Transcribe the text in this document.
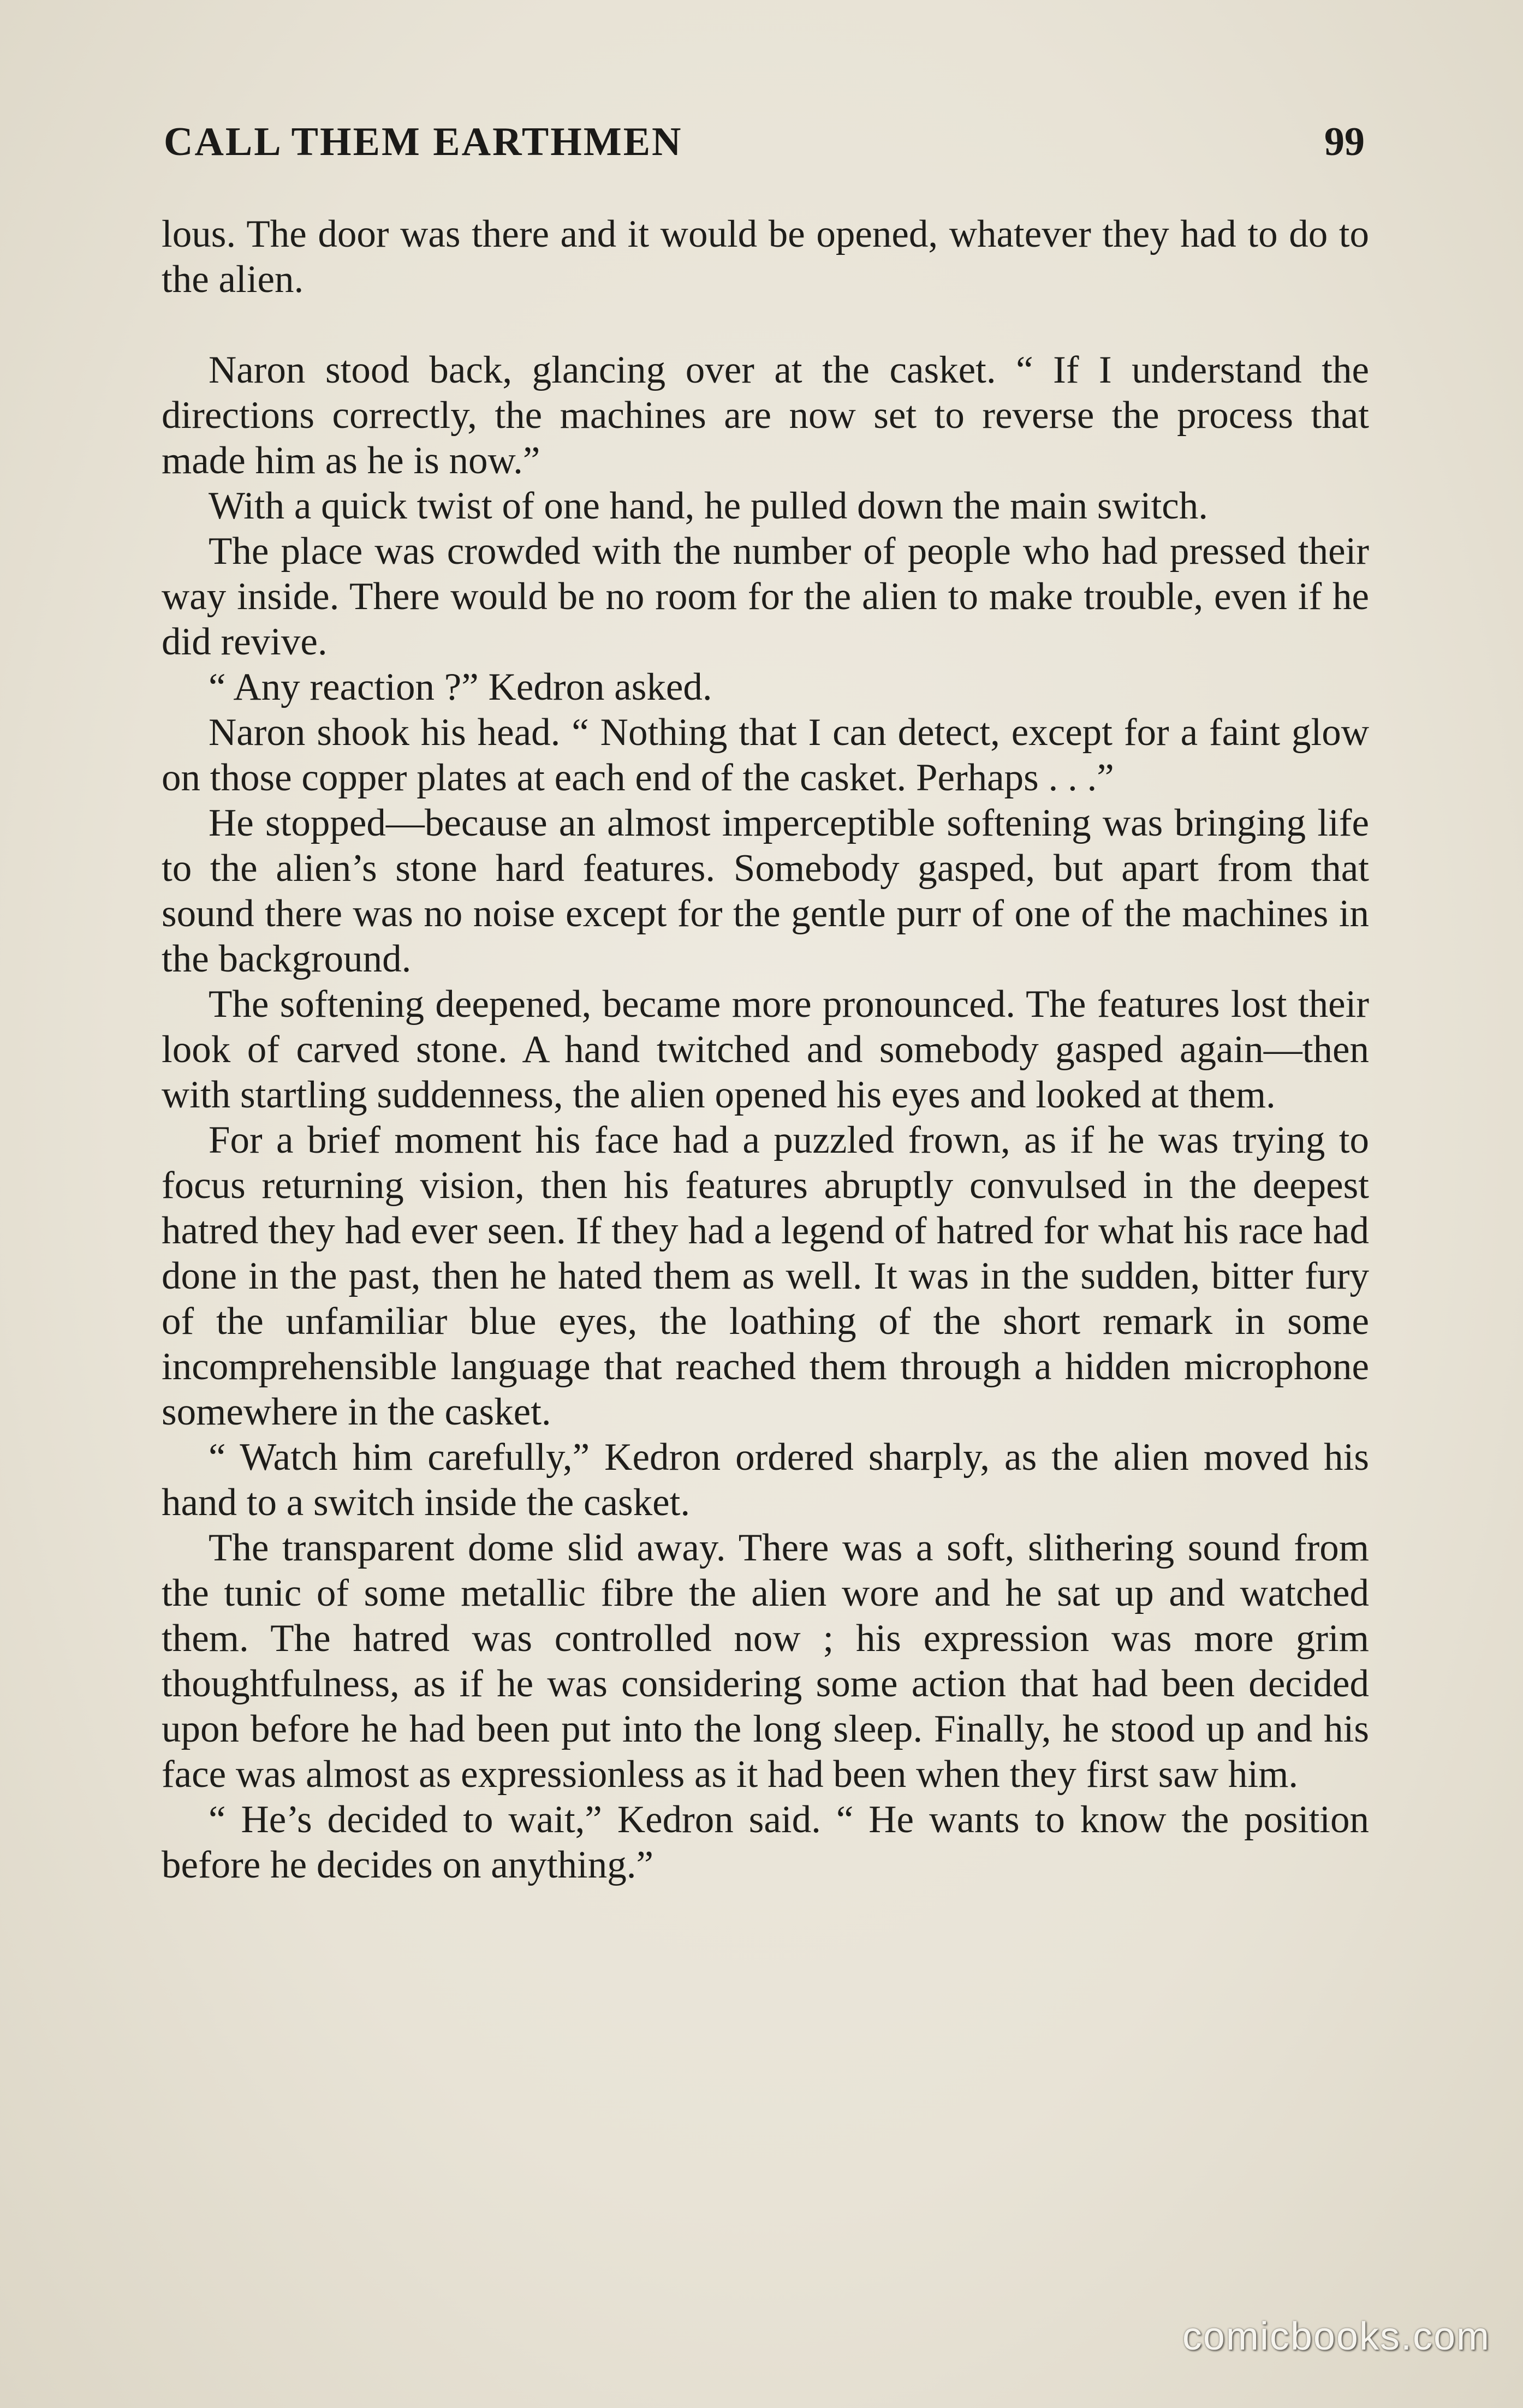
CALL THEM EARTHMEN	99

lous. The door was there and it would be opened, whatever they had to do to the alien.

Naron stood back, glancing over at the casket. “ If I understand the directions correctly, the machines are now set to reverse the process that made him as he is now.”

With a quick twist of one hand, he pulled down the main switch.

The place was crowded with the number of people who had pressed their way inside. There would be no room for the alien to make trouble, even if he did revive.

“ Any reaction ?” Kedron asked.

Naron shook his head. “ Nothing that I can detect, except for a faint glow on those copper plates at each end of the casket. Perhaps . . .”

He stopped—because an almost imperceptible softening was bringing life to the alien’s stone hard features. Somebody gasped, but apart from that sound there was no noise except for the gentle purr of one of the machines in the background.

The softening deepened, became more pronounced. The features lost their look of carved stone. A hand twitched and somebody gasped again—then with startling suddenness, the alien opened his eyes and looked at them.

For a brief moment his face had a puzzled frown, as if he was trying to focus returning vision, then his features abruptly convulsed in the deepest hatred they had ever seen. If they had a legend of hatred for what his race had done in the past, then he hated them as well. It was in the sudden, bitter fury of the unfamiliar blue eyes, the loathing of the short remark in some incomprehensible language that reached them through a hidden microphone somewhere in the casket.

“ Watch him carefully,” Kedron ordered sharply, as the alien moved his hand to a switch inside the casket.

The transparent dome slid away. There was a soft, slithering sound from the tunic of some metallic fibre the alien wore and he sat up and watched them. The hatred was controlled now ; his expression was more grim thoughtfulness, as if he was considering some action that had been decided upon before he had been put into the long sleep. Finally, he stood up and his face was almost as expressionless as it had been when they first saw him.

“ He’s decided to wait,” Kedron said. “ He wants to know the position before he decides on anything.”

comicbooks.com
